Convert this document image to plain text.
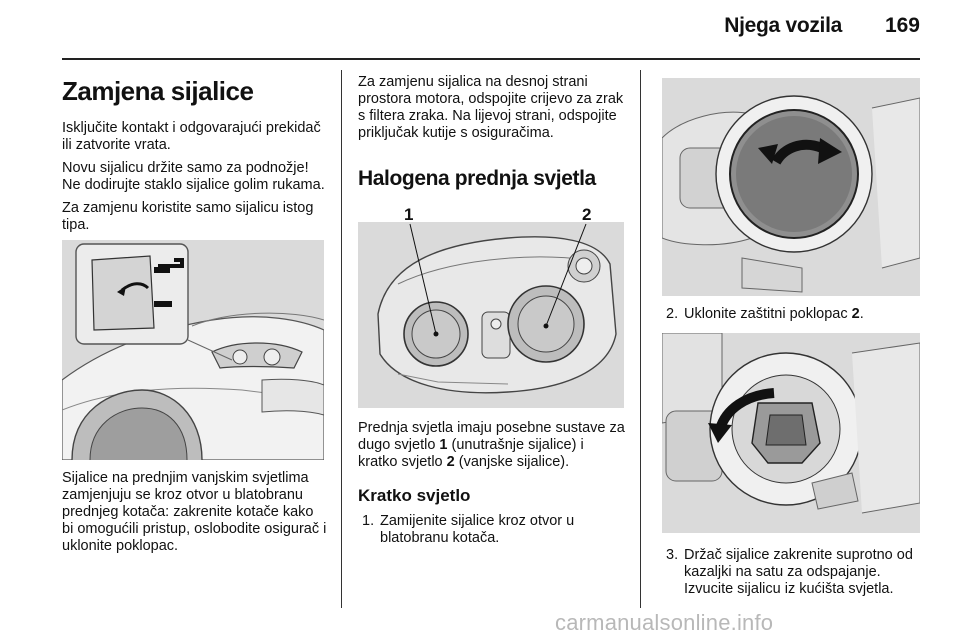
Njega vozila 169
Zamjena sijalice

Isključite kontakt i odgovarajući prekidač ili zatvorite vrata.

Novu sijalicu držite samo za podnožje! Ne dodirujte staklo sijalice golim rukama.

Za zamjenu koristite samo sijalicu istog tipa.

Sijalice na prednjim vanjskim svjetlima zamjenjuju se kroz otvor u blatobranu prednjeg kotača: zakrenite kotače kako bi omogućili pristup, oslobodite osigurač i uklonite poklopac.

Za zamjenu sijalica na desnoj strani prostora motora, odspojite crijevo za zrak s filtera zraka. Na lijevoj strani, odspojite priključak kutije s osiguračima.

Halogena prednja svjetla
1	2

Prednja svjetla imaju posebne sustave za dugo svjetlo 1 (unutrašnje sijalice) i kratko svjetlo 2 (vanjske sijalice).

Kratko svjetlo
1. Zamijenite sijalice kroz otvor u blatobranu kotača.
2. Uklonite zaštitni poklopac 2.
3. Držač sijalice zakrenite suprotno od kazaljki na satu za odspajanje. Izvucite sijalicu iz kućišta svjetla.
carmanualsonline.info
